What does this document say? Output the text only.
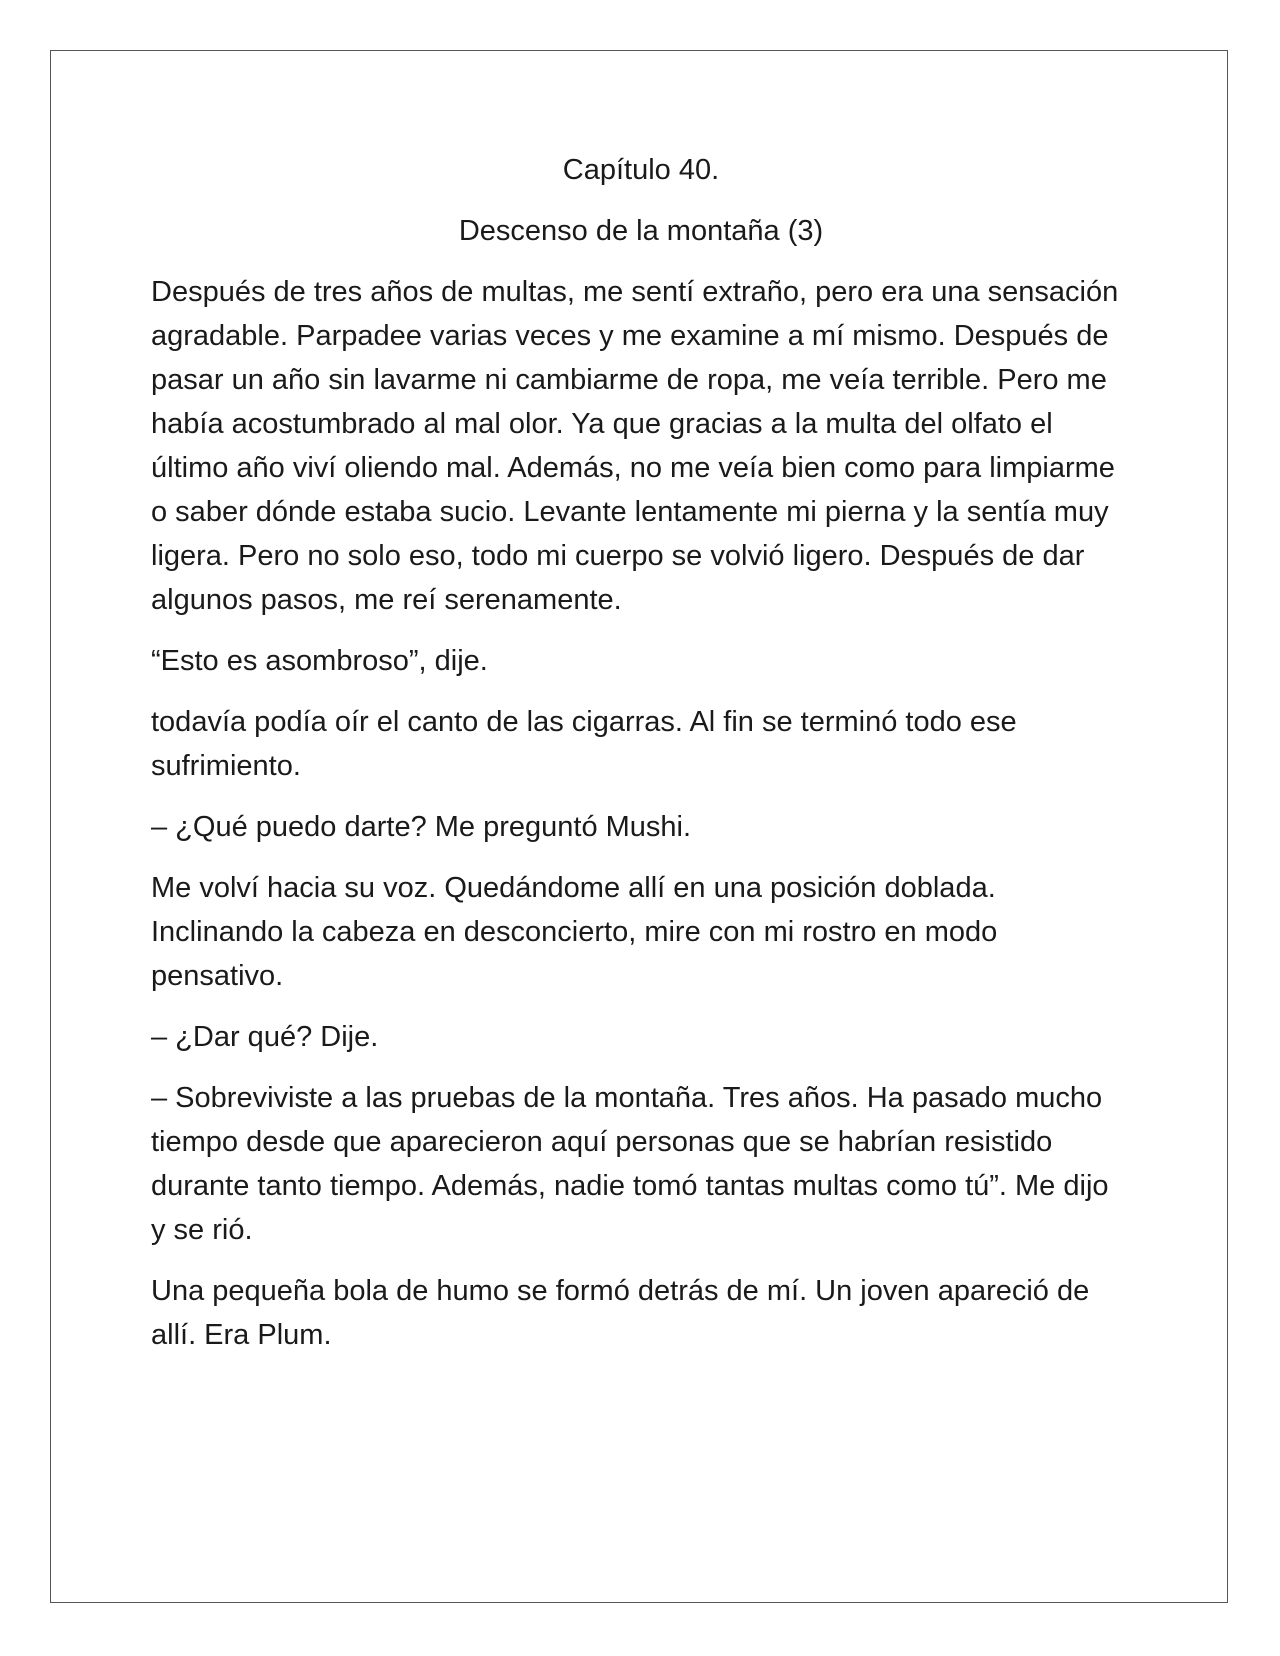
Capítulo 40.
Descenso de la montaña (3)

Después de tres años de multas, me sentí extraño, pero era una sensación agradable. Parpadee varias veces y me examine a mí mismo. Después de pasar un año sin lavarme ni cambiarme de ropa, me veía terrible. Pero me había acostumbrado al mal olor. Ya que gracias a la multa del olfato el último año viví oliendo mal. Además, no me veía bien como para limpiarme o saber dónde estaba sucio. Levante lentamente mi pierna y la sentía muy ligera. Pero no solo eso, todo mi cuerpo se volvió ligero. Después de dar algunos pasos, me reí serenamente.

“Esto es asombroso”, dije.

todavía podía oír el canto de las cigarras. Al fin se terminó todo ese sufrimiento.

– ¿Qué puedo darte? Me preguntó Mushi.

Me volví hacia su voz. Quedándome allí en una posición doblada. Inclinando la cabeza en desconcierto, mire con mi rostro en modo pensativo.

– ¿Dar qué? Dije.

– Sobreviviste a las pruebas de la montaña. Tres años. Ha pasado mucho tiempo desde que aparecieron aquí personas que se habrían resistido durante tanto tiempo. Además, nadie tomó tantas multas como tú”. Me dijo y se rió.

Una pequeña bola de humo se formó detrás de mí. Un joven apareció de allí. Era Plum.
